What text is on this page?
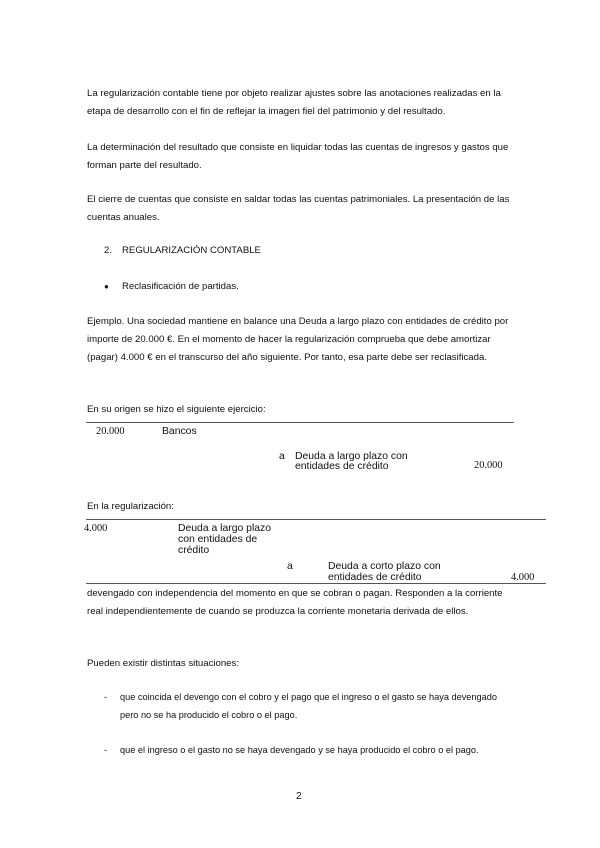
La regularización contable tiene por objeto realizar ajustes sobre las anotaciones realizadas en la etapa de desarrollo con el fin de reflejar la imagen fiel del patrimonio y del resultado.

La determinación del resultado que consiste en liquidar todas las cuentas de ingresos y gastos que forman parte del resultado.

El cierre de cuentas que consiste en saldar todas las cuentas patrimoniales. La presentación de las cuentas anuales.

2. REGULARIZACIÓN CONTABLE
● Reclasificación de partidas.

Ejemplo. Una sociedad mantiene en balance una Deuda a largo plazo con entidades de crédito por importe de 20.000 €. En el momento de hacer la regularización comprueba que debe amortizar (pagar) 4.000 € en el transcurso del año siguiente. Por tanto, esa parte debe ser reclasificada.

En su origen se hizo el siguiente ejercicio:

20.000	Bancos
a Deuda a largo plazo con
entidades de crédito	20.000

En la regularización:

4.000	Deuda a largo plazo
con entidades de
crédito
a	Deuda a corto plazo con
entidades de crédito	4.000

devengado con independencia del momento en que se cobran o pagan. Responden a la corriente real independientemente de cuando se produzca la corriente monetaria derivada de ellos.

Pueden existir distintas situaciones:

- que coincida el devengo con el cobro y el pago que el ingreso o el gasto se haya devengado pero no se ha producido el cobro o el pago.
- que el ingreso o el gasto no se haya devengado y se haya producido el cobro o el pago.
2
